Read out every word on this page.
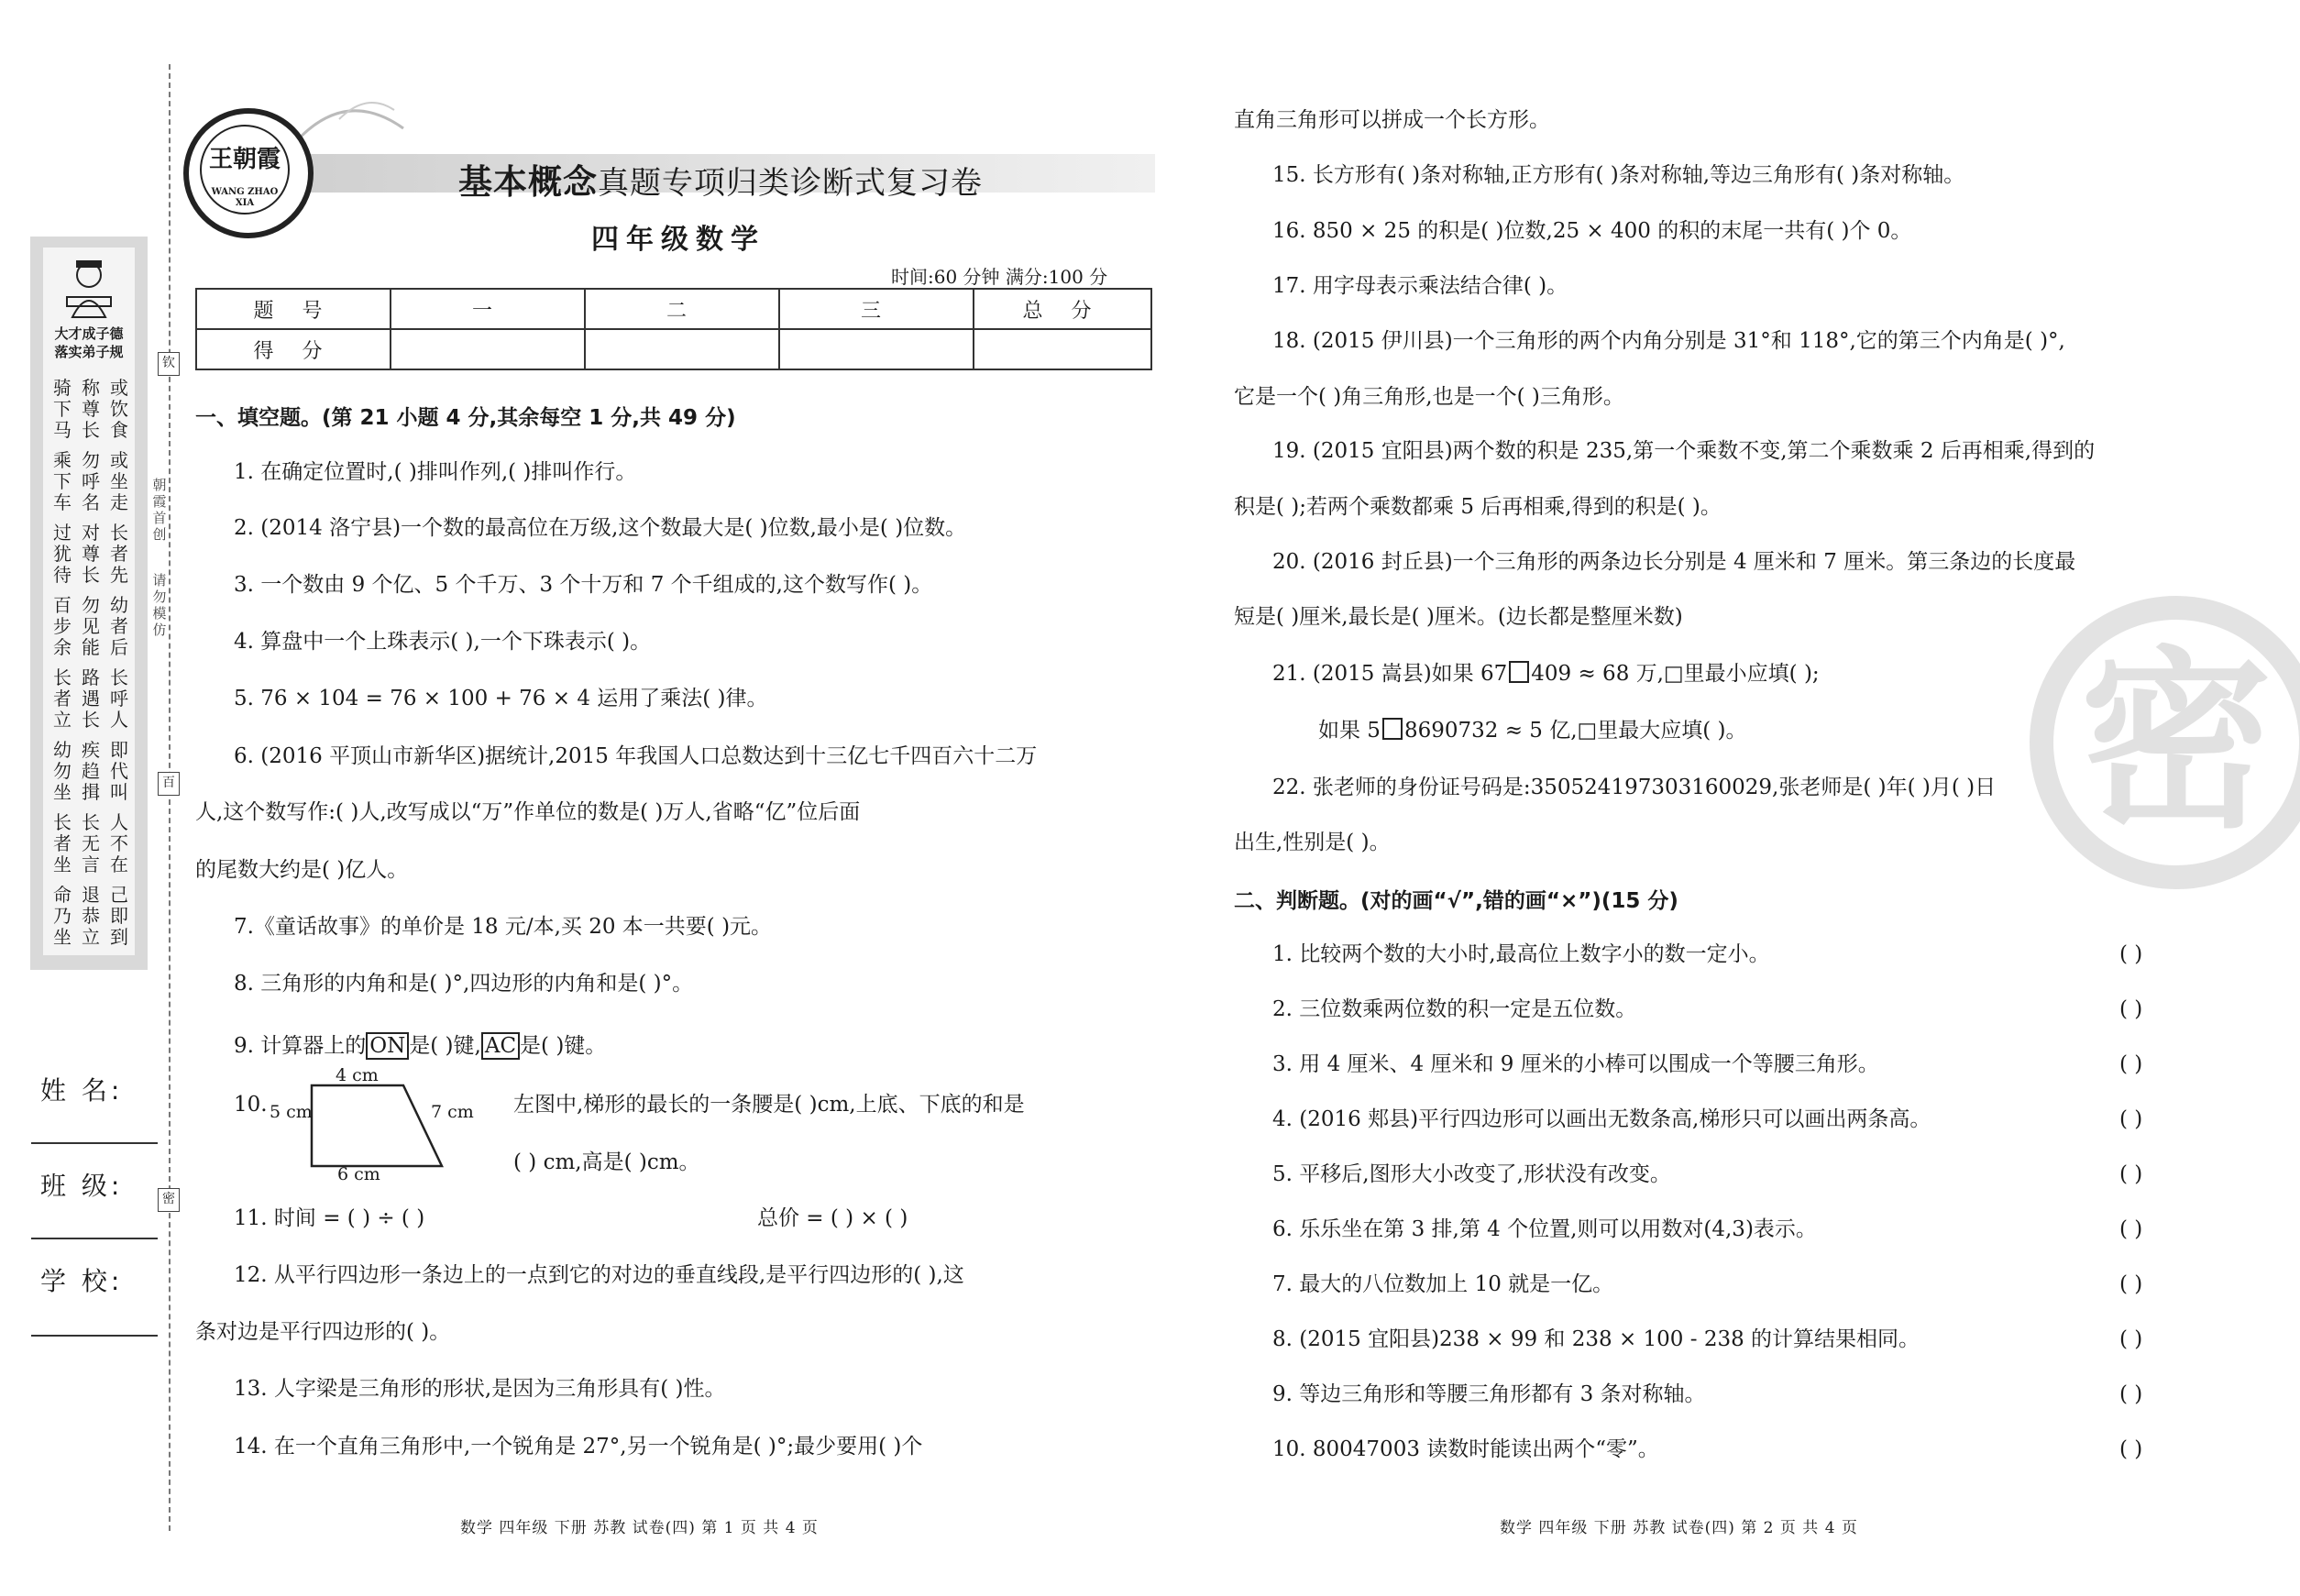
大才成子德
落实弟子规
骑
下
马
称
尊
长
或
饮
食
乘
下
车
勿
呼
名
或
坐
走
过
犹
待
对
尊
长
长
者
先
百
步
余
勿
见
能
幼
者
后
长
者
立
路
遇
长
长
呼
人
幼
勿
坐
疾
趋
揖
即
代
叫
长
者
坐
长
无
言
人
不
在
命
乃
坐
退
恭
立
己
即
到
朝霞首创
请勿模仿
钦
百
密
姓 名:
班 级:
学 校:
王朝霞
WANG ZHAO XIA
基本概念真题专项归类诊断式复习卷
四年级数学
时间:60 分钟 满分:100 分
题 号	一	二	三	总 分
得 分				
一、填空题。(第 21 小题 4 分,其余每空 1 分,共 49 分)
1. 在确定位置时,( )排叫作列,( )排叫作行。
2. (2014 洛宁县)一个数的最高位在万级,这个数最大是( )位数,最小是( )位数。
3. 一个数由 9 个亿、5 个千万、3 个十万和 7 个千组成的,这个数写作( )。
4. 算盘中一个上珠表示( ),一个下珠表示( )。
5. 76 × 104 = 76 × 100 + 76 × 4 运用了乘法( )律。
6. (2016 平顶山市新华区)据统计,2015 年我国人口总数达到十三亿七千四百六十二万
人,这个数写作:( )人,改写成以“万”作单位的数是( )万人,省略“亿”位后面
的尾数大约是( )亿人。
7.《童话故事》的单价是 18 元/本,买 20 本一共要( )元。
8. 三角形的内角和是( )°,四边形的内角和是( )°。
9. 计算器上的 ON 是( )键, AC 是( )键。
10.
4 cm
5 cm	7 cm
6 cm
左图中,梯形的最长的一条腰是( )cm,上底、下底的和是
( ) cm,高是( )cm。
11. 时间 = ( ) ÷ ( )	总价 = ( ) × ( )
12. 从平行四边形一条边上的一点到它的对边的垂直线段,是平行四边形的( ),这
条对边是平行四边形的( )。
13. 人字梁是三角形的形状,是因为三角形具有( )性。
14. 在一个直角三角形中,一个锐角是 27°,另一个锐角是( )°;最少要用( )个
数学 四年级 下册 苏教 试卷(四) 第 1 页 共 4 页
密
直角三角形可以拼成一个长方形。
15. 长方形有( )条对称轴,正方形有( )条对称轴,等边三角形有( )条对称轴。
16. 850 × 25 的积是( )位数,25 × 400 的积的末尾一共有( )个 0。
17. 用字母表示乘法结合律( )。
18. (2015 伊川县)一个三角形的两个内角分别是 31°和 118°,它的第三个内角是( )°,
它是一个( )角三角形,也是一个( )三角形。
19. (2015 宜阳县)两个数的积是 235,第一个乘数不变,第二个乘数乘 2 后再相乘,得到的
积是( );若两个乘数都乘 5 后再相乘,得到的积是( )。
20. (2016 封丘县)一个三角形的两条边长分别是 4 厘米和 7 厘米。第三条边的长度最
短是( )厘米,最长是( )厘米。(边长都是整厘米数)
21. (2015 嵩县)如果 67 409 ≈ 68 万,□里最小应填( );
如果 5 8690732 ≈ 5 亿,□里最大应填( )。
22. 张老师的身份证号码是:350524197303160029,张老师是( )年( )月( )日
出生,性别是( )。
二、判断题。(对的画“√”,错的画“×”)(15 分)
1. 比较两个数的大小时,最高位上数字小的数一定小。	( )
2. 三位数乘两位数的积一定是五位数。	( )
3. 用 4 厘米、4 厘米和 9 厘米的小棒可以围成一个等腰三角形。	( )
4. (2016 郏县)平行四边形可以画出无数条高,梯形只可以画出两条高。	( )
5. 平移后,图形大小改变了,形状没有改变。	( )
6. 乐乐坐在第 3 排,第 4 个位置,则可以用数对(4,3)表示。	( )
7. 最大的八位数加上 10 就是一亿。	( )
8. (2015 宜阳县)238 × 99 和 238 × 100 - 238 的计算结果相同。	( )
9. 等边三角形和等腰三角形都有 3 条对称轴。	( )
10. 80047003 读数时能读出两个“零”。	( )
数学 四年级 下册 苏教 试卷(四) 第 2 页 共 4 页
